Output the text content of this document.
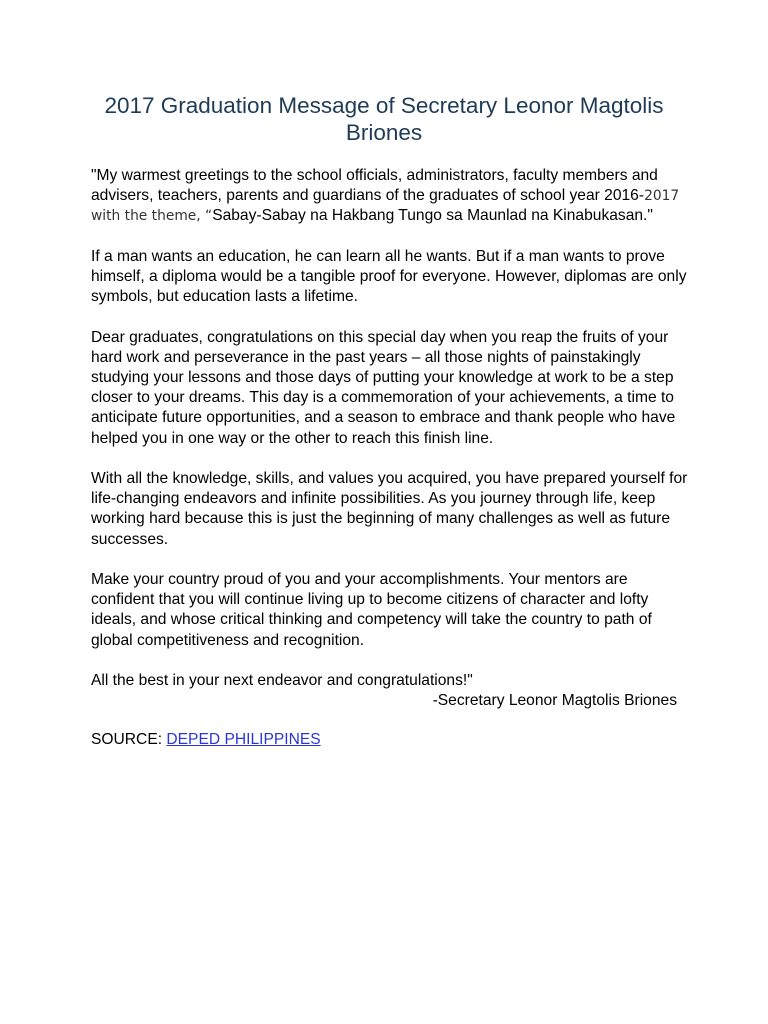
2017 Graduation Message of Secretary Leonor Magtolis Briones

"My warmest greetings to the school officials, administrators, faculty members and advisers, teachers, parents and guardians of the graduates of school year 2016-2017 with the theme, “Sabay-Sabay na Hakbang Tungo sa Maunlad na Kinabukasan."

If a man wants an education, he can learn all he wants. But if a man wants to prove himself, a diploma would be a tangible proof for everyone. However, diplomas are only symbols, but education lasts a lifetime.

Dear graduates, congratulations on this special day when you reap the fruits of your hard work and perseverance in the past years – all those nights of painstakingly studying your lessons and those days of putting your knowledge at work to be a step closer to your dreams. This day is a commemoration of your achievements, a time to anticipate future opportunities, and a season to embrace and thank people who have helped you in one way or the other to reach this finish line.

With all the knowledge, skills, and values you acquired, you have prepared yourself for life-changing endeavors and infinite possibilities. As you journey through life, keep working hard because this is just the beginning of many challenges as well as future successes.

Make your country proud of you and your accomplishments. Your mentors are confident that you will continue living up to become citizens of character and lofty ideals, and whose critical thinking and competency will take the country to path of global competitiveness and recognition.

All the best in your next endeavor and congratulations!"

-Secretary Leonor Magtolis Briones

SOURCE: DEPED PHILIPPINES
